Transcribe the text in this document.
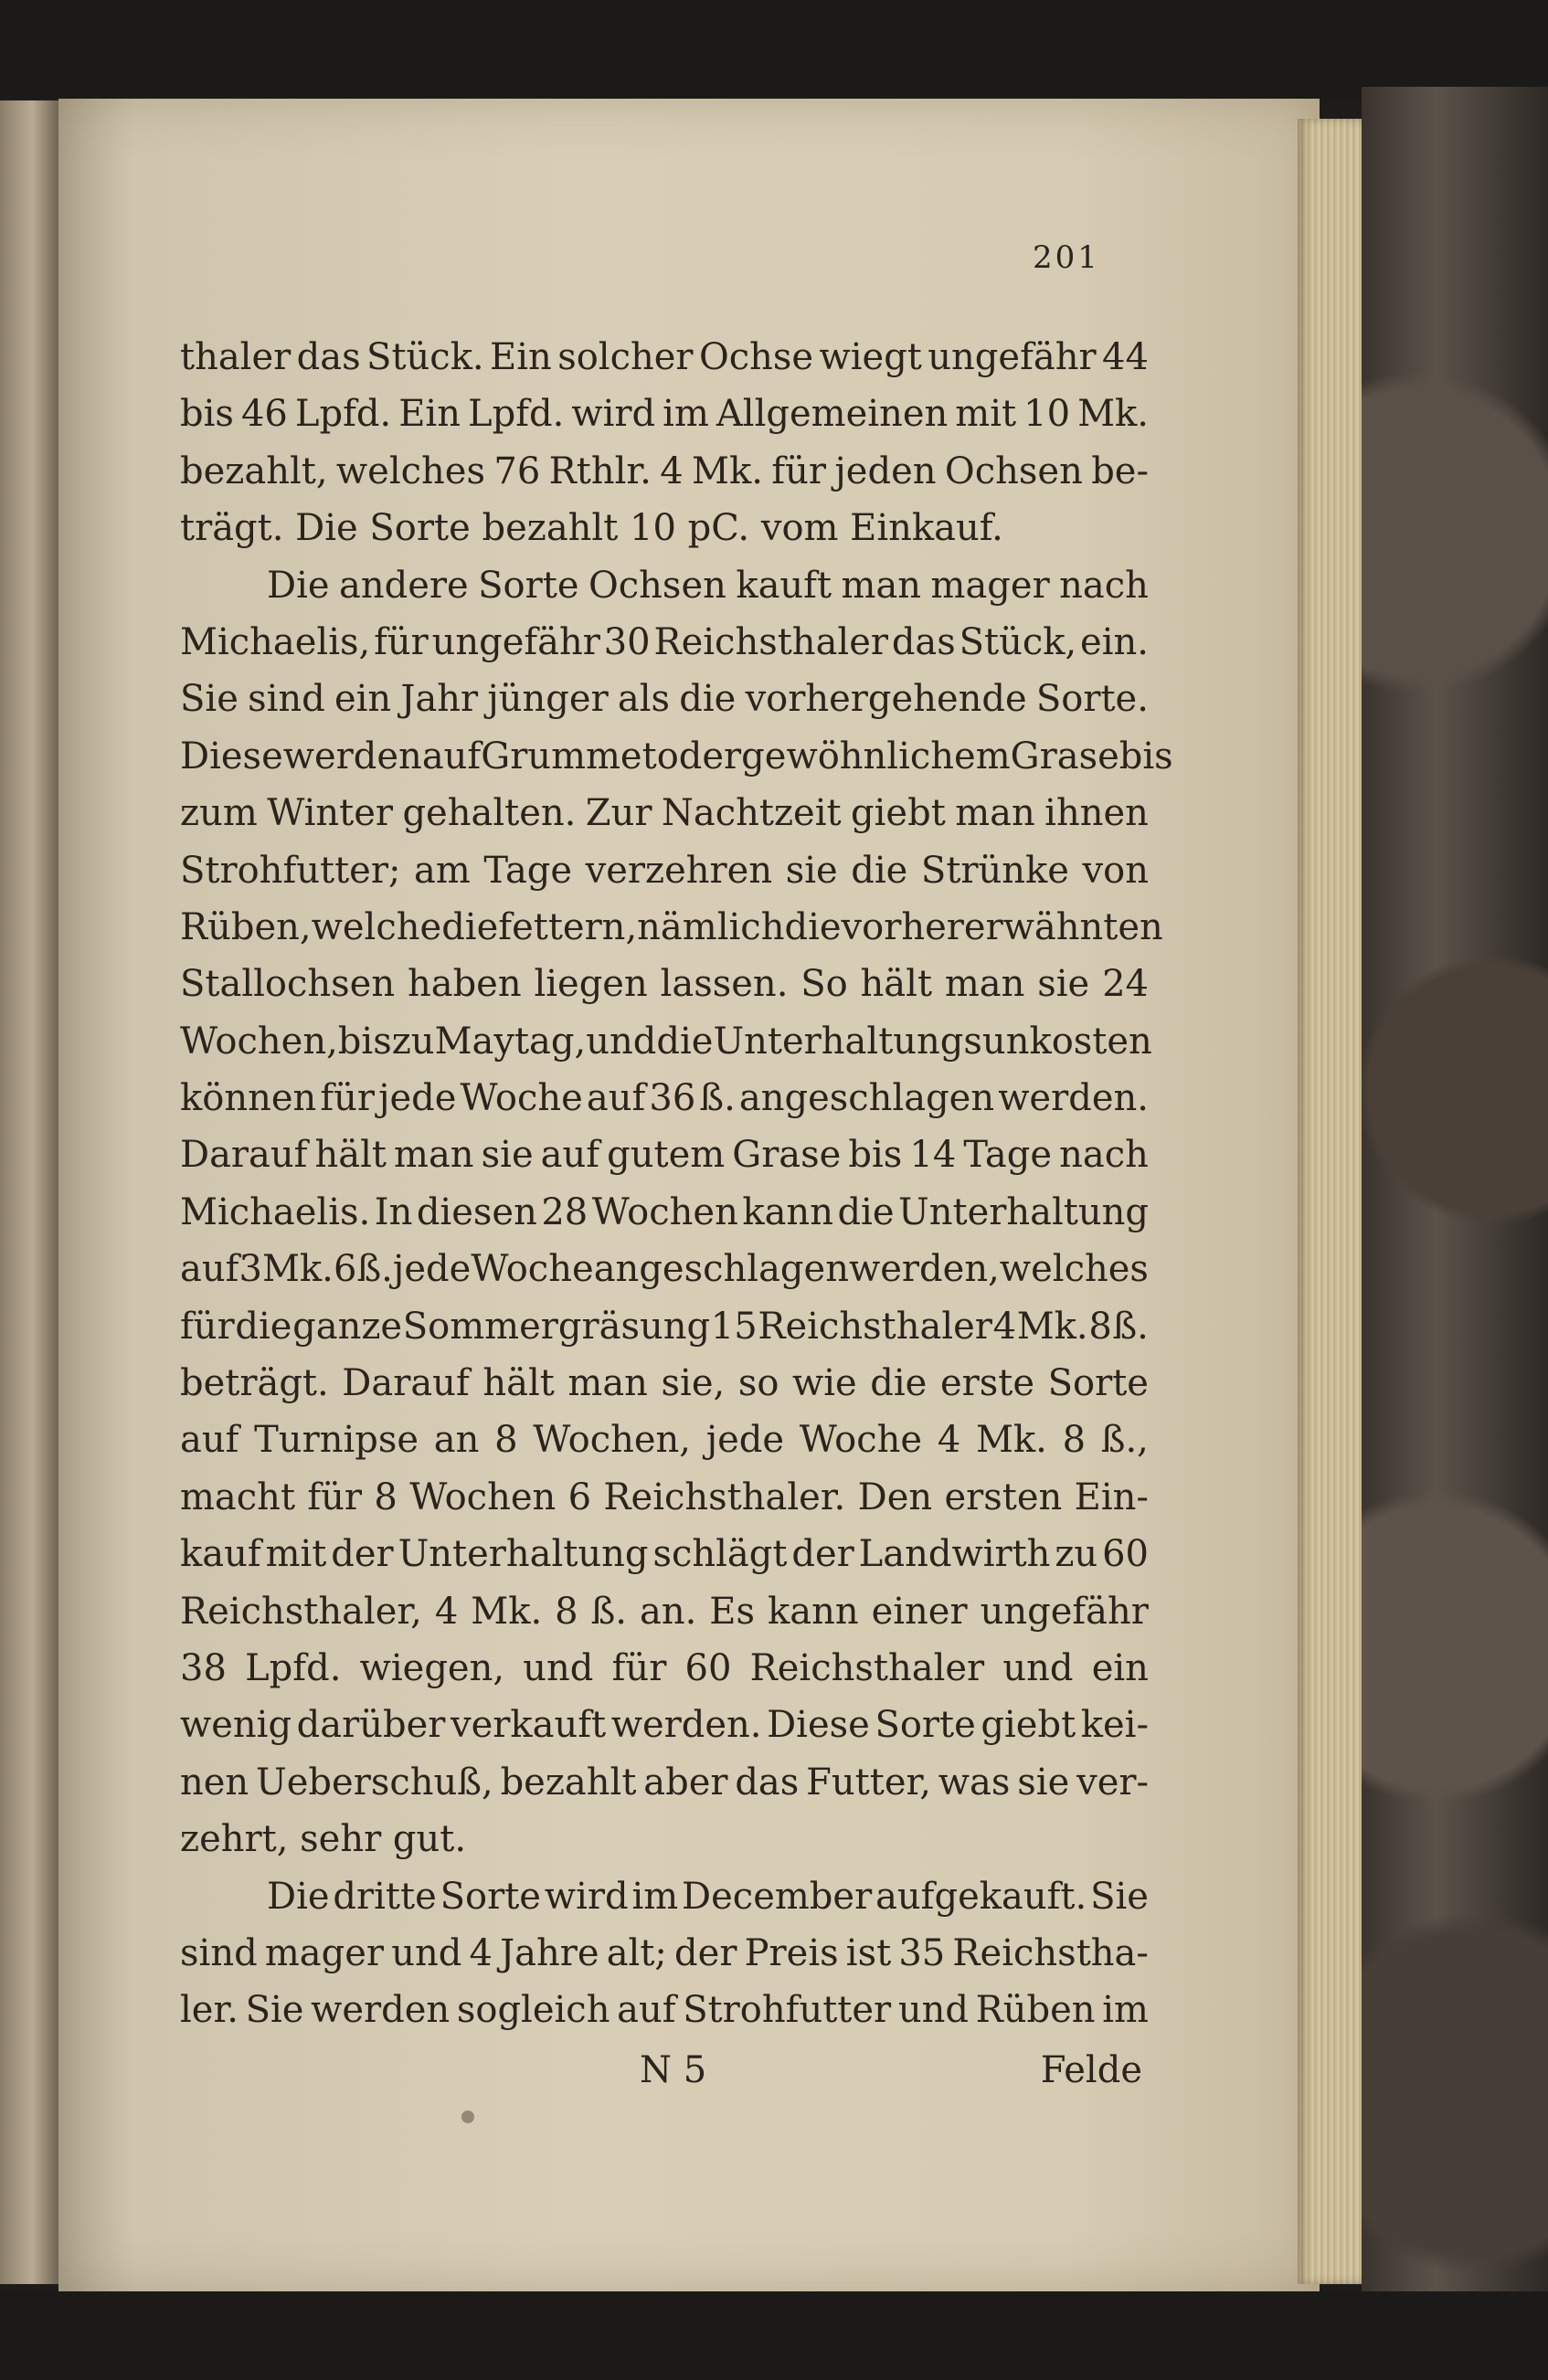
201
thaler das Stück. Ein solcher Ochse wiegt ungefähr 44
bis 46 Lpfd. Ein Lpfd. wird im Allgemeinen mit 10 Mk.
bezahlt, welches 76 Rthlr. 4 Mk. für jeden Ochsen be-
trägt. Die Sorte bezahlt 10 pC. vom Einkauf.
Die andere Sorte Ochsen kauft man mager nach
Michaelis, für ungefähr 30 Reichsthaler das Stück, ein.
Sie sind ein Jahr jünger als die vorhergehende Sorte.
Diese werden auf Grummet oder gewöhnlichem Grase bis
zum Winter gehalten. Zur Nachtzeit giebt man ihnen
Strohfutter; am Tage verzehren sie die Strünke von
Rüben, welche die fettern, nämlich die vorhererwähnten
Stallochsen haben liegen lassen. So hält man sie 24
Wochen, bis zu Maytag, und die Unterhaltungsunkosten
können für jede Woche auf 36 ß. angeschlagen werden.
Darauf hält man sie auf gutem Grase bis 14 Tage nach
Michaelis. In diesen 28 Wochen kann die Unterhaltung
auf 3 Mk. 6 ß. jede Woche angeschlagen werden, welches
für die ganze Sommergräsung 15 Reichsthaler 4 Mk. 8 ß.
beträgt. Darauf hält man sie, so wie die erste Sorte
auf Turnipse an 8 Wochen, jede Woche 4 Mk. 8 ß.,
macht für 8 Wochen 6 Reichsthaler. Den ersten Ein-
kauf mit der Unterhaltung schlägt der Landwirth zu 60
Reichsthaler, 4 Mk. 8 ß. an. Es kann einer ungefähr
38 Lpfd. wiegen, und für 60 Reichsthaler und ein
wenig darüber verkauft werden. Diese Sorte giebt kei-
nen Ueberschuß, bezahlt aber das Futter, was sie ver-
zehrt, sehr gut.
Die dritte Sorte wird im December aufgekauft. Sie
sind mager und 4 Jahre alt; der Preis ist 35 Reichstha-
ler. Sie werden sogleich auf Strohfutter und Rüben im
N 5	Felde
